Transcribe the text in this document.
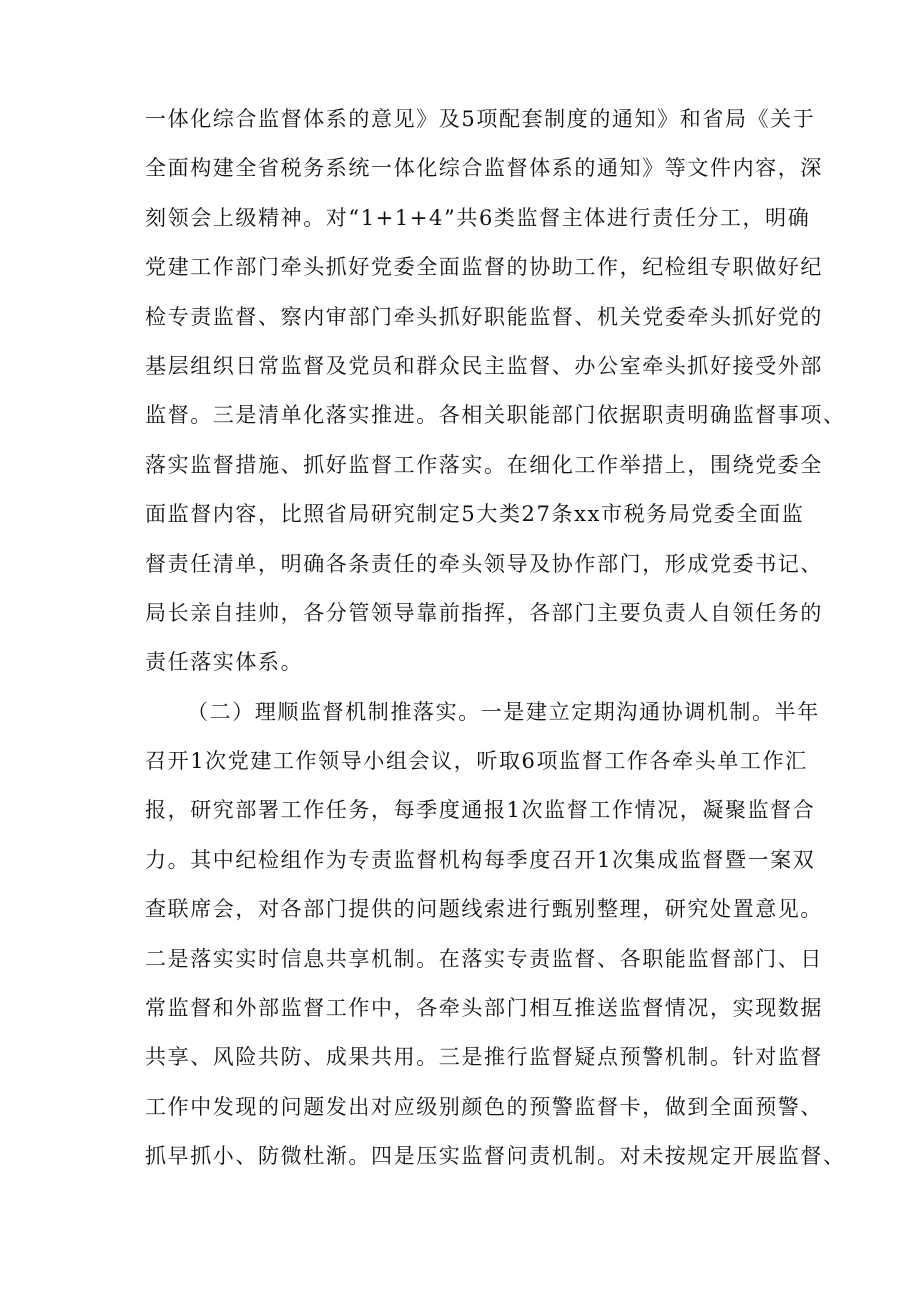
一体化综合监督体系的意见》及5项配套制度的通知》和省局《关于
全面构建全省税务系统一体化综合监督体系的通知》等文件内容，深
刻领会上级精神。对“1+1+4”共6类监督主体进行责任分工，明确
党建工作部门牵头抓好党委全面监督的协助工作，纪检组专职做好纪
检专责监督、察内审部门牵头抓好职能监督、机关党委牵头抓好党的
基层组织日常监督及党员和群众民主监督、办公室牵头抓好接受外部
监督。三是清单化落实推进。各相关职能部门依据职责明确监督事项、
落实监督措施、抓好监督工作落实。在细化工作举措上，围绕党委全
面监督内容，比照省局研究制定5大类27条xx市税务局党委全面监
督责任清单，明确各条责任的牵头领导及协作部门，形成党委书记、
局长亲自挂帅，各分管领导靠前指挥，各部门主要负责人自领任务的
责任落实体系。
（二）理顺监督机制推落实。一是建立定期沟通协调机制。半年
召开1次党建工作领导小组会议，听取6项监督工作各牵头单工作汇
报，研究部署工作任务，每季度通报1次监督工作情况，凝聚监督合
力。其中纪检组作为专责监督机构每季度召开1次集成监督暨一案双
查联席会，对各部门提供的问题线索进行甄别整理，研究处置意见。
二是落实实时信息共享机制。在落实专责监督、各职能监督部门、日
常监督和外部监督工作中，各牵头部门相互推送监督情况，实现数据
共享、风险共防、成果共用。三是推行监督疑点预警机制。针对监督
工作中发现的问题发出对应级别颜色的预警监督卡，做到全面预警、
抓早抓小、防微杜渐。四是压实监督问责机制。对未按规定开展监督、
